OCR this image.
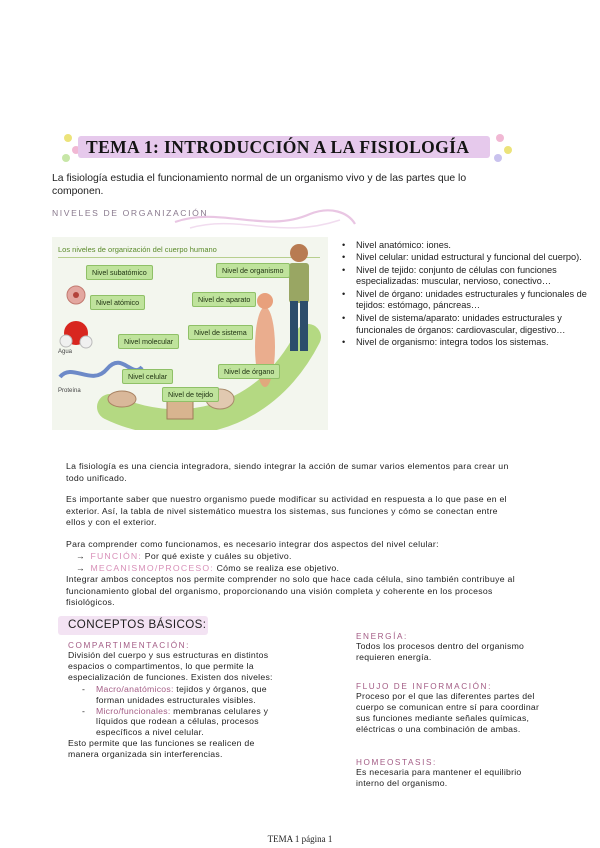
TEMA 1: INTRODUCCIÓN A LA FISIOLOGÍA
La fisiología estudia el funcionamiento normal de un organismo vivo y de las partes que lo componen.
NIVELES DE ORGANIZACIÓN
Los niveles de organización del cuerpo humano
Nivel subatómico
Nivel atómico
Nivel molecular
Nivel celular
Nivel de tejido
Nivel de órgano
Nivel de sistema
Nivel de aparato
Nivel de organismo
Agua
Proteína
• Nivel anatómico: iones.
• Nivel celular: unidad estructural y funcional del cuerpo).
• Nivel de tejido: conjunto de células con funciones especializadas: muscular, nervioso, conectivo…
• Nivel de órgano: unidades estructurales y funcionales de tejidos: estómago, páncreas…
• Nivel de sistema/aparato: unidades estructurales y funcionales de órganos: cardiovascular, digestivo…
• Nivel de organismo: integra todos los sistemas.
La fisiología es una ciencia integradora, siendo integrar la acción de sumar varios elementos para crear un todo unificado.
Es importante saber que nuestro organismo puede modificar su actividad en respuesta a lo que pase en el exterior. Así, la tabla de nivel sistemático muestra los sistemas, sus funciones y cómo se conectan entre ellos y con el exterior.
Para comprender como funcionamos, es necesario integrar dos aspectos del nivel celular:
→ FUNCIÓN: Por qué existe y cuáles su objetivo.
→ MECANISMO/PROCESO: Cómo se realiza ese objetivo.
Integrar ambos conceptos nos permite comprender no solo que hace cada célula, sino también contribuye al funcionamiento global del organismo, proporcionando una visión completa y coherente en los procesos fisiológicos.
CONCEPTOS BÁSICOS:
COMPARTIMENTACIÓN:
División del cuerpo y sus estructuras en distintos espacios o compartimentos, lo que permite la especialización de funciones. Existen dos niveles:
- Macro/anatómicos: tejidos y órganos, que forman unidades estructurales visibles.
- Micro/funcionales: membranas celulares y líquidos que rodean a células, procesos específicos a nivel celular.
Esto permite que las funciones se realicen de manera organizada sin interferencias.
ENERGÍA:
Todos los procesos dentro del organismo requieren energía.
FLUJO DE INFORMACIÓN:
Proceso por el que las diferentes partes del cuerpo se comunican entre sí para coordinar sus funciones mediante señales químicas, eléctricas o una combinación de ambas.
HOMEOSTASIS:
Es necesaria para mantener el equilibrio interno del organismo.
TEMA 1 página 1
